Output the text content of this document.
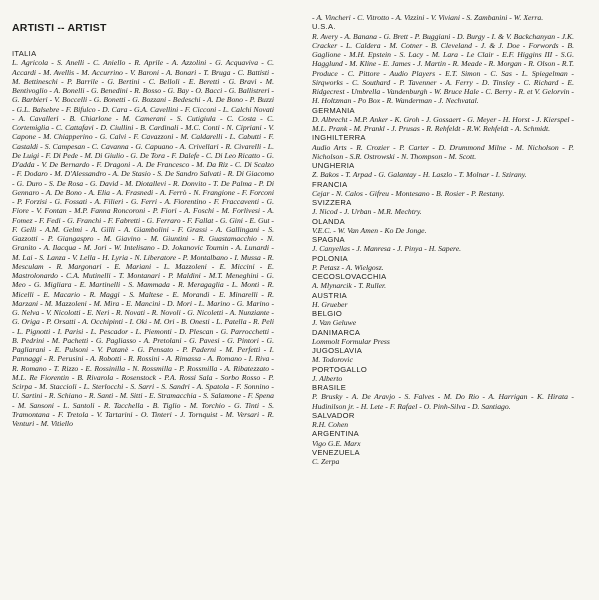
ARTISTI -- ARTIST
ITALIA

L. Agricola - S. Anelli - C. Aniello - R. Aprile - A. Azzolini - G. Acquaviva - C. Accardi - M. Avellis - M. Accurrino - V. Baroni - A. Bonari - T. Bruga - C. Battisti - M. Bettineschi - P. Barrile - G. Bertini - C. Belloli - E. Beretti - G. Bravi - M. Bentivoglio - A. Bonelli - G. Benedini - R. Bosso - G. Bay - O. Bacci - G. Ballistreri - G. Barbieri - V. Boccelli - G. Bonetti - G. Bozzani - Bedeschi - A. De Bono - P. Buzzi - G.L. Balsebre - F. Bifulco - D. Cara - G.A. Cavellini - F. Cicconi - L. Calchi Novati - A. Cavalleri - B. Chiarlone - M. Camerani - S. Cutigiula - C. Costa - C. Cortemiglia - C. Cattafavi - D. Ciullini - B. Cardinali - M.C. Conti - N. Cipriani - V. Capone - M. Chiapperino - G. Calvi - F. Cavazzoni - M. Caldarelli - L. Cabutti - F. Castaldi - S. Campesan - C. Cavanna - G. Capuano - A. Crivellari - R. Civarelli - L. De Luigi - F. Di Pede - M. Di Giulio - G. De Tora - F. Dalefe - C. Di Leo Ricatto - G. D'adda - V. De Bernardo - F. Dragoni - A. De Francesco - M. Da Riz - C. Di Scalzo - F. Dodaro - M. D'Alessandro - A. De Stasio - S. De Sandro Salvati - R. Di Giacomo - G. Duro - S. De Rosa - G. David - M. Diotallevi - R. Donvito - T. De Palma - P. Di Gennaro - A. De Bono - A. Elia - A. Frasnedi - A. Ferrò - N. Frangione - F. Forconi - P. Forzisi - G. Fossati - A. Filieri - G. Ferri - A. Fiorentino - F. Fraccaventi - G. Fiore - V. Fontan - M.P. Fanna Roncoroni - P. Fiori - A. Foschi - M. Forlivesi - A. Fomez - F. Fedi - G. Franchi - F. Fabretti - G. Ferraro - F. Fallat - G. Gini - E. Gut - F. Gelli - A.M. Gelmi - A. Gilli - A. Giambolini - F. Grassi - A. Gallingani - S. Gazzotti - P. Giangaspro - M. Giavino - M. Giuntini - R. Guastamacchio - N. Granito - A. Ilacqua - M. Jori - W. Intelisano - D. Jokanovic Toumin - A. Lunardi - M. Lai - S. Lanza - V. Lella - H. Lyria - N. Liberatore - P. Montalbano - I. Mussa - R. Mesculam - R. Margonari - E. Mariani - L. Mazzoleni - E. Miccini - E. Mastrolonardo - C.A. Mutinelli - T. Montanari - P. Maldini - M.T. Meneghini - G. Meo - G. Migliara - E. Martinelli - S. Mammada - R. Meragaglia - L. Monti - R. Micelli - E. Macario - R. Maggi - S. Maltese - E. Morandi - E. Minarelli - R. Marzani - M. Mazzoleni - M. Mira - E. Mancini - D. Mori - L. Marino - G. Marino - G. Nelva - V. Nicolotti - E. Neri - R. Novati - R. Novoli - G. Nicoletti - A. Nunziante - G. Origa - P. Orsatti - A. Occhipinti - I. Oki - M. Ori - B. Onesti - L. Patella - R. Peli - L. Pignotti - I. Parisi - L. Pescador - L. Piemonti - D. Plescan - G. Parrocchetti - B. Pedrini - M. Pachetti - G. Pagliasso - A. Pretolani - G. Pavesi - G. Pintori - G. Pagliarani - E. Pulsoni - V. Patanè - G. Pensato - P. Paderni - M. Perfetti - I. Pannaggi - R. Perusini - A. Robotti - R. Rossini - A. Rimassa - A. Romano - I. Riva - R. Romano - T. Rizzo - E. Rossinilla - N. Rossmilla - P. Rossmilla - A. Ribatezzato - M.L. Re Fiorentin - B. Rivarola - Rosenstock - P.A. Rossi Sala - Sorbo Rosso - P. Scirpa - M. Staccioli - L. Sterlocchi - S. Sarri - S. Sandri - A. Spatola - F. Sonnino - U. Sartini - R. Schiano - R. Santi - M. Sitti - E. Stramacchia - S. Salamone - F. Spena - M. Sansoni - L. Santoli - R. Tacchella - B. Tiglio - M. Torchio - G. Tinti - S. Tramontana - F. Tretola - V. Tartarini - O. Tinteri - J. Tornquist - M. Versari - R. Venturi - M. Vitiello

- A. Vincheri - C. Vitrotto - A. Vizzini - V. Viviani - S. Zambanini - W. Xerra.

U.S.A.

R. Avery - A. Banana - G. Brett - P. Buggiani - D. Burgy - I. & V. Backchanyan - J.K. Cracker - L. Caldera - M. Cotner - B. Cleveland - J. & J. Doe - Forwords - B. Gaglione - M.H. Epstein - S. Lacy - M. Lara - Le Clair - E.F. Higgins III - S.G. Hagglund - M. Kline - E. James - J. Martin - R. Meade - R. Morgan - R. Olson - R.T. Produce - C. Pittore - Audio Players - E.T. Simon - C. Sas - L. Spiegelman - Sirqworks - C. Southard - P. Tavenner - A. Ferry - D. Tinsley - C. Richard - E. Ridgecrest - Umbrella - Vandenburgh - W. Bruce Hale - C. Berry - R. et V. Gelorvin - H. Holtzman - Po Box - R. Wanderman - J. Nechvatal.

GERMANIA

D. Albrecht - M.P. Anker - K. Groh - J. Gossaert - G. Meyer - H. Horst - J. Kierspel - M.L. Prank - M. Prankl - J. Prusas - R. Rehfeldt - R.W. Rehfeldt - A. Schmidt.

INGHILTERRA

Audio Arts - R. Crozier - P. Carter - D. Drummond Milne - M. Nicholson - P. Nicholson - S.R. Ostrowski - N. Thompson - M. Scott.

UNGHERIA

Z. Bakos - T. Arpad - G. Galantay - H. Laszlo - T. Molnar - I. Szirany.

FRANCIA

Cejar - N. Calos - Gifreu - Montesano - B. Rosier - P. Restany.

SVIZZERA

J. Nicod - J. Urban - M.R. Mechtry.

OLANDA

V.E.C. - W. Van Amen - Ko De Jonge.

SPAGNA

J. Canyellas - J. Manresa - J. Pinya - H. Sapere.

POLONIA

P. Petasz - A. Wielgosz.

CECOSLOVACCHIA

A. Mlynarcik - T. Ruller.

AUSTRIA

H. Grueber

BELGIO

J. Van Geluwe

DANIMARCA

Lommolt Formular Press

JUGOSLAVIA

M. Todorovic

PORTOGALLO

J. Alberto

BRASILE

P. Brusky - A. De Aravjo - S. Falves - M. Do Rio - A. Harrigan - K. Hirata - Hudinilson jr. - H. Lete - F. Rafael - O. Pinh-Silva - D. Santiago.

SALVADOR

R.H. Cohen

ARGENTINA

Vigo G.E. Marx

VENEZUELA

C. Zerpa
